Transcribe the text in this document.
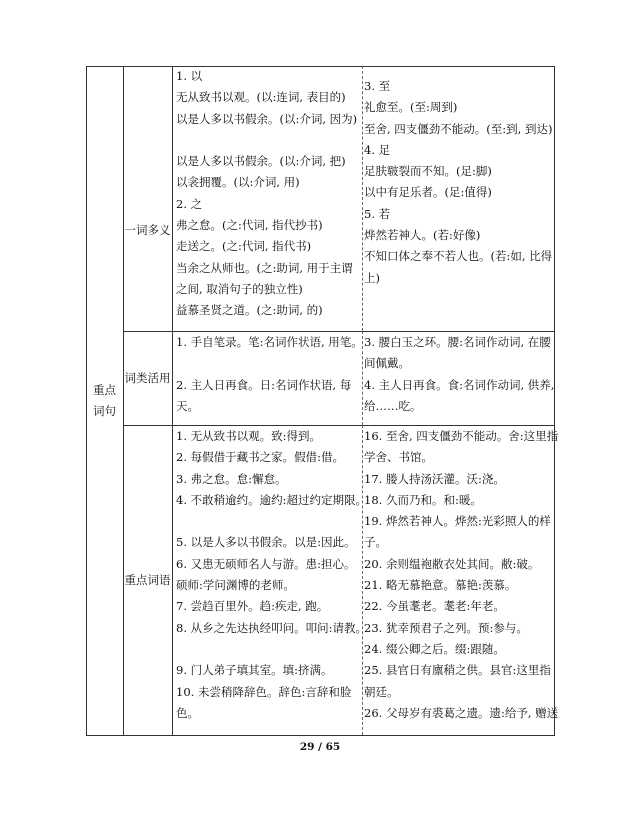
重点
词句
一词多义
词类活用
重点词语
1. 以
无从致书以观。(以:连词, 表目的)
以是人多以书假余。(以:介词, 因为)

以是人多以书假余。(以:介词, 把)
以衾拥覆。(以:介词, 用)
2. 之
弗之怠。(之:代词, 指代抄书)
走送之。(之:代词, 指代书)
当余之从师也。(之:助词, 用于主谓
之间, 取消句子的独立性)
益慕圣贤之道。(之:助词, 的)
3. 至
礼愈至。(至:周到)
至舍, 四支僵劲不能动。(至:到, 到达)
4. 足
足肤皲裂而不知。(足:脚)
以中有足乐者。(足:值得)
5. 若
烨然若神人。(若:好像)
不知口体之奉不若人也。(若:如, 比得
上)
1. 手自笔录。笔:名词作状语, 用笔。

2. 主人日再食。日:名词作状语, 每
天。
3. 腰白玉之环。腰:名词作动词, 在腰
间佩戴。
4. 主人日再食。食:名词作动词, 供养,
给……吃。
1. 无从致书以观。致:得到。
2. 每假借于藏书之家。假借:借。
3. 弗之怠。怠:懈怠。
4. 不敢稍逾约。逾约:超过约定期限。

5. 以是人多以书假余。以是:因此。
6. 又患无硕师名人与游。患:担心。
硕师:学问渊博的老师。
7. 尝趋百里外。趋:疾走, 跑。
8. 从乡之先达执经叩问。叩问:请教。

9. 门人弟子填其室。填:挤满。
10. 未尝稍降辞色。辞色:言辞和脸
色。
16. 至舍, 四支僵劲不能动。舍:这里指
学舍、书馆。
17. 媵人持汤沃灌。沃:浇。
18. 久而乃和。和:暖。
19. 烨然若神人。烨然:光彩照人的样
子。
20. 余则缊袍敝衣处其间。敝:破。
21. 略无慕艳意。慕艳:羡慕。
22. 今虽耄老。耄老:年老。
23. 犹幸预君子之列。预:参与。
24. 缀公卿之后。缀:跟随。
25. 县官日有廪稍之供。县官:这里指
朝廷。
26. 父母岁有裘葛之遗。遗:给予, 赠送
29 / 65
